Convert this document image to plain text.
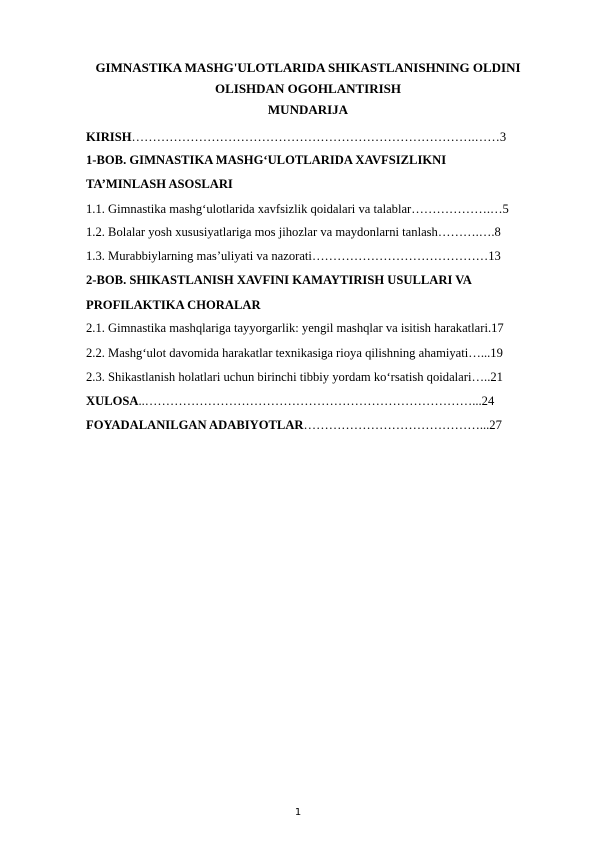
GIMNASTIKA MASHG'ULOTLARIDA SHIKASTLANISHNING OLDINI
OLISHDAN OGOHLANTIRISH
MUNDARIJA
KIRISH……………………………………………………………………….……3
1-BOB. GIMNASTIKA MASHG‘ULOTLARIDA XAVFSIZLIKNI
TA’MINLASH ASOSLARI
1.1. Gimnastika mashg‘ulotlarida xavfsizlik qoidalari va talablar……………….…5
1.2. Bolalar yosh xususiyatlariga mos jihozlar va maydonlarni tanlash……….….8
1.3. Murabbiylarning mas’uliyati va nazorati……………………………………13
2-BOB. SHIKASTLANISH XAVFINI KAMAYTIRISH USULLARI VA
PROFILAKTIKA CHORALAR
2.1. Gimnastika mashqlariga tayyorgarlik: yengil mashqlar va isitish harakatlari.17
2.2. Mashg‘ulot davomida harakatlar texnikasiga rioya qilishning ahamiyati…...19
2.3. Shikastlanish holatlari uchun birinchi tibbiy yordam ko‘rsatish qoidalari…..21
XULOSA..……………………………………………………………………...24
FOYADALANILGAN ADABIYOTLAR……………………………………...27
1
